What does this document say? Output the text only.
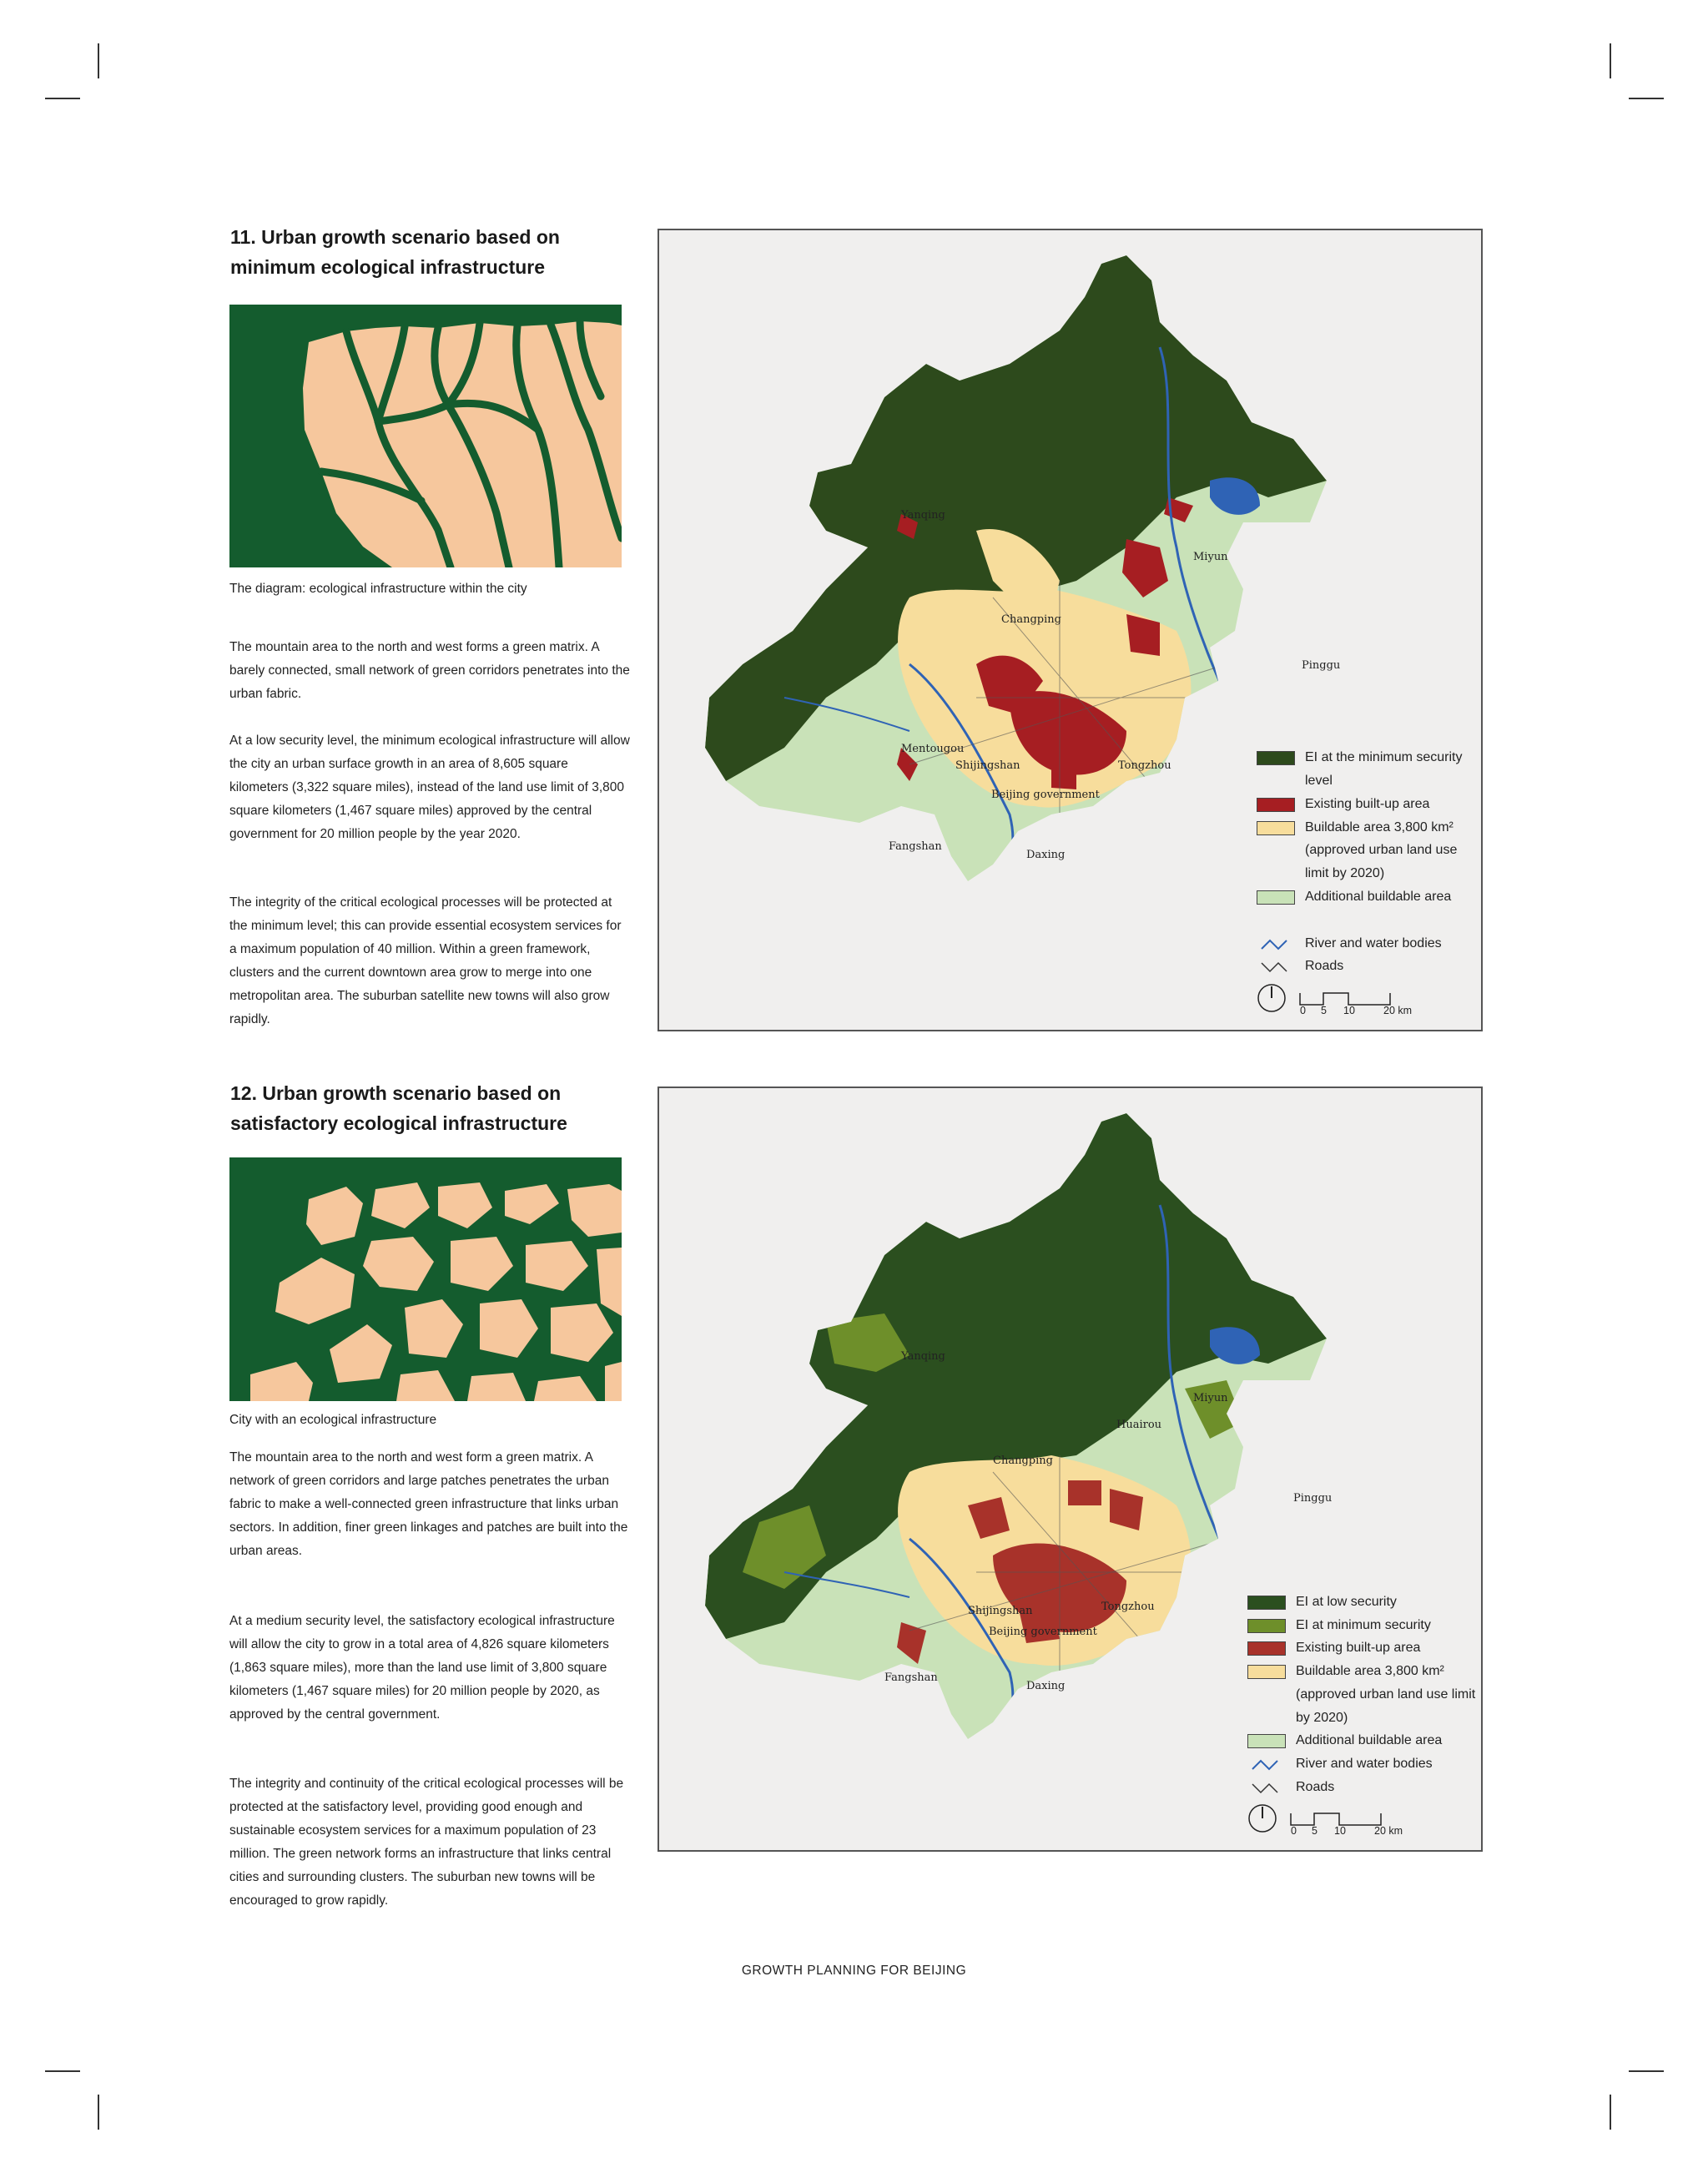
11. Urban growth scenario based on
minimum ecological infrastructure
The diagram: ecological infrastructure within the city

The mountain area to the north and west forms a green matrix. A barely connected, small network of green corridors penetrates into the urban fabric.

At a low security level, the minimum ecological infrastructure will allow the city an urban surface growth in an area of 8,605 square kilometers (3,322 square miles), instead of the land use limit of 3,800 square kilometers (1,467 square miles) approved by the central government for 20 million people by the year 2020.

The integrity of the critical ecological processes will be protected at the minimum level; this can provide essential ecosystem services for a maximum population of 40 million. Within a green framework, clusters and the current downtown area grow to merge into one metropolitan area. The suburban satellite new towns will also grow rapidly.

Yanqing
Miyun
Changping
Pinggu
Mentougou
Shijingshan	Tongzhou
Beijing government
Fangshan
Daxing
EI at the minimum security level
Existing built-up area
Buildable area 3,800 km² (approved urban land use limit by 2020)
Additional buildable area
River and water bodies
Roads
0 5 10	20 km
12. Urban growth scenario based on
satisfactory ecological infrastructure
City with an ecological infrastructure

The mountain area to the north and west form a green matrix. A network of green corridors and large patches penetrates the urban fabric to make a well-connected green infrastructure that links urban sectors. In addition, finer green linkages and patches are built into the urban areas.

At a medium security level, the satisfactory ecological infrastructure will allow the city to grow in a total area of 4,826 square kilometers (1,863 square miles), more than the land use limit of 3,800 square kilometers (1,467 square miles) for 20 million people by 2020, as approved by the central government.

The integrity and continuity of the critical ecological processes will be protected at the satisfactory level, providing good enough and sustainable ecosystem services for a maximum population of 23 million. The green network forms an infrastructure that links central cities and surrounding clusters. The suburban new towns will be encouraged to grow rapidly.

Yanqing
Huairou
Miyun
Changping
Pinggu
Shijingshan	Tongzhou
Beijing government
Fangshan
Daxing
EI at low security
EI at minimum security
Existing built-up area
Buildable area 3,800 km² (approved urban land use limit by 2020)
Additional buildable area
River and water bodies
Roads
0 5 10	20 km
GROWTH PLANNING FOR BEIJING
